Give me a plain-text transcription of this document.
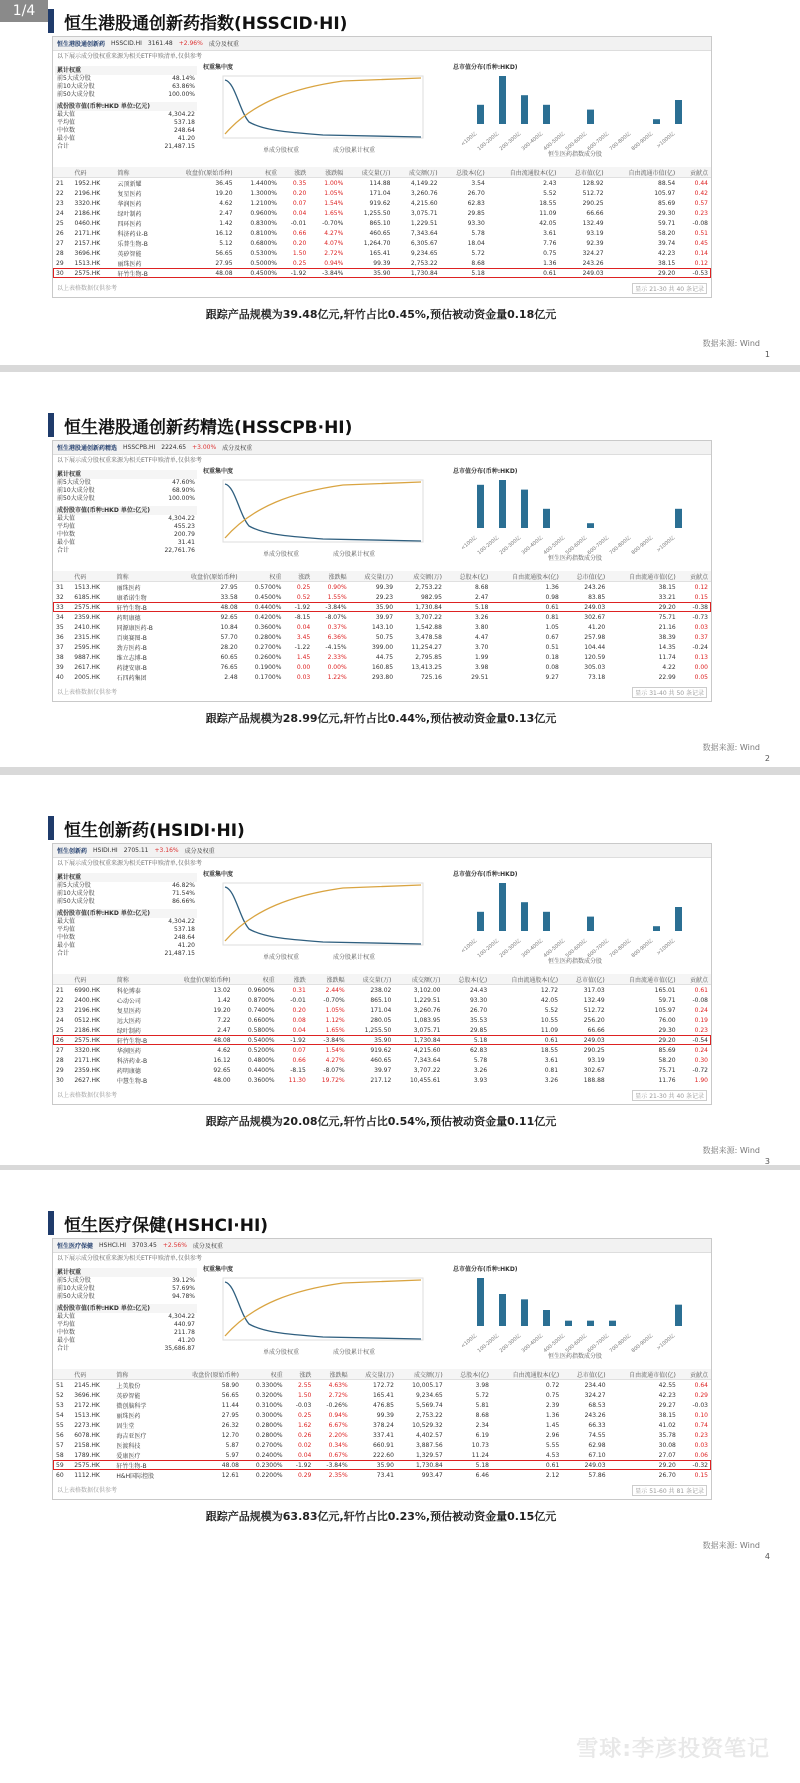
1/4
恒生港股通创新药指数(HSSCID·HI)
恒生港股通创新药 HSSCID.HI 3161.48 +2.96% 成分及权重
以下展示成分股权重来源为相关ETF申赎清单,仅供参考
累计权重
前5大成分股	48.14%
前10大成分股	63.86%
前50大成分股	100.00%
成份股市值(币种:HKD 单位:亿元)
最大值	4,304.22
平均值	537.18
中位数	248.64
最小值	41.20
合计	21,487.15
权重集中度
单成分股权重	成分股累计权重
总市值分布(币种:HKD)
<100亿
100-200亿
200-300亿
300-400亿
400-500亿
500-600亿
600-700亿
700-800亿
800-900亿 >1000亿
恒生医药指数成分股
	代码	简称	收盘价(原始币种)	权重	涨跌	涨跌幅	成交量(万)	成交额(万)	总股本(亿)	自由流通股本(亿)	总市值(亿)	自由流通市值(亿)	贡献点
21	1952.HK	云顶新耀	36.45	1.4400%	0.35	1.00%	114.88	4,149.22	3.54	2.43	128.92	88.54	0.44
22	2196.HK	复星医药	19.20	1.3000%	0.20	1.05%	171.04	3,260.76	26.70	5.52	512.72	105.97	0.42
23	3320.HK	华润医药	4.62	1.2100%	0.07	1.54%	919.62	4,215.60	62.83	18.55	290.25	85.69	0.57
24	2186.HK	绿叶制药	2.47	0.9600%	0.04	1.65%	1,255.50	3,075.71	29.85	11.09	66.66	29.30	0.23
25	0460.HK	四环医药	1.42	0.8300%	-0.01	-0.70%	865.10	1,229.51	93.30	42.05	132.49	59.71	-0.08
26	2171.HK	科济药业-B	16.12	0.8100%	0.66	4.27%	460.65	7,343.64	5.78	3.61	93.19	58.20	0.51
27	2157.HK	乐普生物-B	5.12	0.6800%	0.20	4.07%	1,264.70	6,305.67	18.04	7.76	92.39	39.74	0.45
28	3696.HK	英矽智能	56.65	0.5300%	1.50	2.72%	165.41	9,234.65	5.72	0.75	324.27	42.23	0.14
29	1513.HK	丽珠医药	27.95	0.5000%	0.25	0.94%	99.39	2,753.22	8.68	1.36	243.26	38.15	0.12
30	2575.HK	轩竹生物-B	48.08	0.4500%	-1.92	-3.84%	35.90	1,730.84	5.18	0.61	249.03	29.20	-0.53
以上表格数据仅供参考	显示 21-30 共 40 条记录
跟踪产品规模为39.48亿元,轩竹占比0.45%,预估被动资金量0.18亿元
数据来源: Wind
1
恒生港股通创新药精选(HSSCPB·HI)
恒生港股通创新药精选 HSSCPB.HI 2224.65 +3.00% 成分及权重
以下展示成分股权重来源为相关ETF申赎清单,仅供参考
累计权重
前5大成分股	47.60%
前10大成分股	68.90%
前50大成分股	100.00%
成份股市值(币种:HKD 单位:亿元)
最大值	4,304.22
平均值	455.23
中位数	200.79
最小值	31.41
合计	22,761.76
权重集中度
单成分股权重	成分股累计权重
总市值分布(币种:HKD)
<100亿
100-200亿
200-300亿
300-400亿
400-500亿
500-600亿
600-700亿
700-800亿
800-900亿 >1000亿
恒生医药指数成分股
	代码	简称	收盘价(原始币种)	权重	涨跌	涨跌幅	成交量(万)	成交额(万)	总股本(亿)	自由流通股本(亿)	总市值(亿)	自由流通市值(亿)	贡献点
31	1513.HK	丽珠医药	27.95	0.5700%	0.25	0.90%	99.39	2,753.22	8.68	1.36	243.26	38.15	0.12
32	6185.HK	康希诺生物	33.58	0.4500%	0.52	1.55%	29.23	982.95	2.47	0.98	83.85	33.21	0.15
33	2575.HK	轩竹生物-B	48.08	0.4400%	-1.92	-3.84%	35.90	1,730.84	5.18	0.61	249.03	29.20	-0.38
34	2359.HK	药明康德	92.65	0.4200%	-8.15	-8.07%	39.97	3,707.22	3.26	0.81	302.67	75.71	-0.73
35	2410.HK	同源康医药-B	10.84	0.3600%	0.04	0.37%	143.10	1,542.88	3.80	1.05	41.20	21.16	0.03
36	2315.HK	百奥赛图-B	57.70	0.2800%	3.45	6.36%	50.75	3,478.58	4.47	0.67	257.98	38.39	0.37
37	2595.HK	劲方医药-B	28.20	0.2700%	-1.22	-4.15%	399.00	11,254.27	3.70	0.51	104.44	14.35	-0.24
38	9887.HK	维立志博-B	60.65	0.2600%	1.45	2.33%	44.75	2,795.85	1.99	0.18	120.59	11.74	0.13
39	2617.HK	药捷安康-B	76.65	0.1900%	0.00	0.00%	160.85	13,413.25	3.98	0.08	305.03	4.22	0.00
40	2005.HK	石四药集团	2.48	0.1700%	0.03	1.22%	293.80	725.16	29.51	9.27	73.18	22.99	0.05
以上表格数据仅供参考	显示 31-40 共 50 条记录
跟踪产品规模为28.99亿元,轩竹占比0.44%,预估被动资金量0.13亿元
数据来源: Wind
2
恒生创新药(HSIDI·HI)
恒生创新药 HSIDI.HI 2705.11 +3.16% 成分及权重
以下展示成分股权重来源为相关ETF申赎清单,仅供参考
累计权重
前5大成分股	46.82%
前10大成分股	71.54%
前50大成分股	86.66%
成份股市值(币种:HKD 单位:亿元)
最大值	4,304.22
平均值	537.18
中位数	248.64
最小值	41.20
合计	21,487.15
权重集中度
单成分股权重	成分股累计权重
总市值分布(币种:HKD)
<100亿
100-200亿
200-300亿
300-400亿
400-500亿
500-600亿
600-700亿
700-800亿
800-900亿 >1000亿
恒生医药指数成分股
	代码	简称	收盘价(原始币种)	权重	涨跌	涨跌幅	成交量(万)	成交额(万)	总股本(亿)	自由流通股本(亿)	总市值(亿)	自由流通市值(亿)	贡献点
21	6990.HK	科伦博泰	13.02	0.9600%	0.31	2.44%	238.02	3,102.00	24.43	12.72	317.03	165.01	0.61
22	2400.HK	心动公司	1.42	0.8700%	-0.01	-0.70%	865.10	1,229.51	93.30	42.05	132.49	59.71	-0.08
23	2196.HK	复星医药	19.20	0.7400%	0.20	1.05%	171.04	3,260.76	26.70	5.52	512.72	105.97	0.24
24	0512.HK	远大医药	7.22	0.6600%	0.08	1.12%	280.05	1,083.95	35.53	10.55	256.20	76.00	0.19
25	2186.HK	绿叶制药	2.47	0.5800%	0.04	1.65%	1,255.50	3,075.71	29.85	11.09	66.66	29.30	0.23
26	2575.HK	轩竹生物-B	48.08	0.5400%	-1.92	-3.84%	35.90	1,730.84	5.18	0.61	249.03	29.20	-0.54
27	3320.HK	华润医药	4.62	0.5200%	0.07	1.54%	919.62	4,215.60	62.83	18.55	290.25	85.69	0.24
28	2171.HK	科济药业-B	16.12	0.4800%	0.66	4.27%	460.65	7,343.64	5.78	3.61	93.19	58.20	0.30
29	2359.HK	药明康德	92.65	0.4400%	-8.15	-8.07%	39.97	3,707.22	3.26	0.81	302.67	75.71	-0.72
30	2627.HK	中慧生物-B	48.00	0.3600%	11.30	19.72%	217.12	10,455.61	3.93	3.26	188.88	11.76	1.90
以上表格数据仅供参考	显示 21-30 共 40 条记录
跟踪产品规模为20.08亿元,轩竹占比0.54%,预估被动资金量0.11亿元
数据来源: Wind
3
恒生医疗保健(HSHCI·HI)
恒生医疗保健 HSHCI.HI 3703.45 +2.56% 成分及权重
以下展示成分股权重来源为相关ETF申赎清单,仅供参考
累计权重
前5大成分股	39.12%
前10大成分股	57.69%
前50大成分股	94.78%
成份股市值(币种:HKD 单位:亿元)
最大值	4,304.22
平均值	440.97
中位数	211.78
最小值	41.20
合计	35,686.87
权重集中度
单成分股权重	成分股累计权重
总市值分布(币种:HKD)
<100亿
100-200亿
200-300亿
300-400亿
400-500亿
500-600亿
600-700亿
700-800亿
800-900亿 >1000亿
恒生医药指数成分股
	代码	简称	收盘价(原始币种)	权重	涨跌	涨跌幅	成交量(万)	成交额(万)	总股本(亿)	自由流通股本(亿)	总市值(亿)	自由流通市值(亿)	贡献点
51	2145.HK	上美股份	58.90	0.3300%	2.55	4.63%	172.72	10,005.17	3.98	0.72	234.40	42.55	0.64
52	3696.HK	英矽智能	56.65	0.3200%	1.50	2.72%	165.41	9,234.65	5.72	0.75	324.27	42.23	0.29
53	2172.HK	微创脑科学	11.44	0.3100%	-0.03	-0.26%	476.85	5,569.74	5.81	2.39	68.53	29.27	-0.03
54	1513.HK	丽珠医药	27.95	0.3000%	0.25	0.94%	99.39	2,753.22	8.68	1.36	243.26	38.15	0.10
55	2273.HK	固生堂	26.32	0.2800%	1.62	6.67%	378.24	10,529.32	2.34	1.45	66.33	41.02	0.74
56	6078.HK	海吉亚医疗	12.70	0.2800%	0.26	2.20%	337.41	4,402.57	6.19	2.96	74.55	35.78	0.23
57	2158.HK	医渡科技	5.87	0.2700%	0.02	0.34%	660.91	3,887.56	10.73	5.55	62.98	30.08	0.03
58	1789.HK	爱康医疗	5.97	0.2400%	0.04	0.67%	222.60	1,329.57	11.24	4.53	67.10	27.07	0.06
59	2575.HK	轩竹生物-B	48.08	0.2300%	-1.92	-3.84%	35.90	1,730.84	5.18	0.61	249.03	29.20	-0.32
60	1112.HK	H&H国际控股	12.61	0.2200%	0.29	2.35%	73.41	993.47	6.46	2.12	57.86	26.70	0.15
以上表格数据仅供参考	显示 51-60 共 81 条记录
跟踪产品规模为63.83亿元,轩竹占比0.23%,预估被动资金量0.15亿元
数据来源: Wind
4
雪球:李彦投资笔记
